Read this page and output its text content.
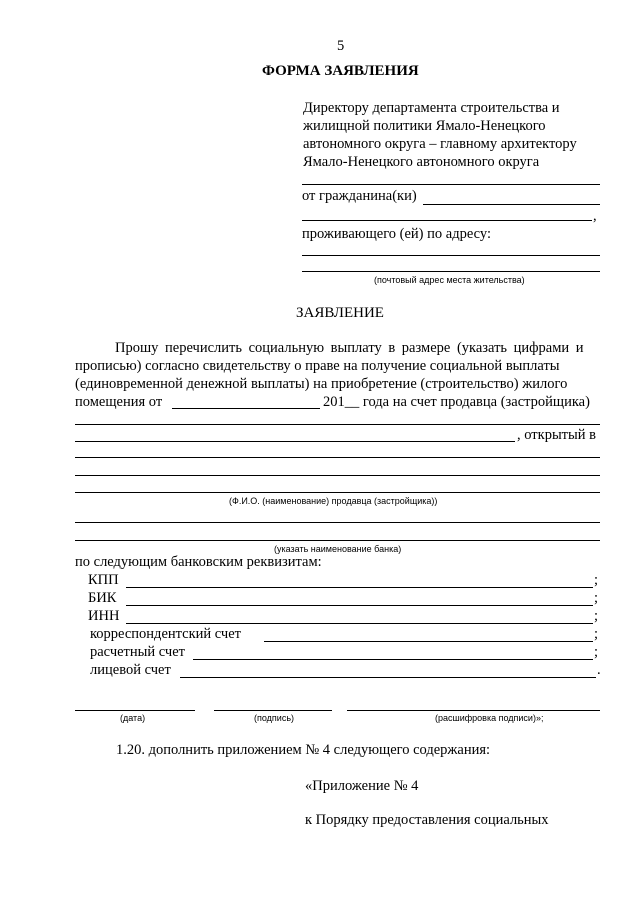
5
ФОРМА ЗАЯВЛЕНИЯ
Директору департамента строительства и
жилищной политики Ямало-Ненецкого
автономного округа – главному архитектору
Ямало-Ненецкого автономного округа
от гражданина(ки)
,
проживающего (ей) по адресу:
(почтовый адрес места жительства)
ЗАЯВЛЕНИЕ
Прошу перечислить социальную выплату в размере (указать цифрами и
прописью) согласно свидетельству о праве на получение социальной выплаты
(единовременной денежной выплаты) на приобретение (строительство) жилого
помещения от	201__ года на счет продавца (застройщика)
, открытый в
(Ф.И.О. (наименование) продавца (застройщика))
(указать наименование банка)
по следующим банковским реквизитам:
КПП	;
БИК	;
ИНН	;
корреспондентский счет	;
расчетный счет	;
лицевой счет	.
(дата)	(подпись)	(расшифровка подписи)»;
1.20. дополнить приложением № 4 следующего содержания:
«Приложение № 4
к Порядку предоставления социальных
